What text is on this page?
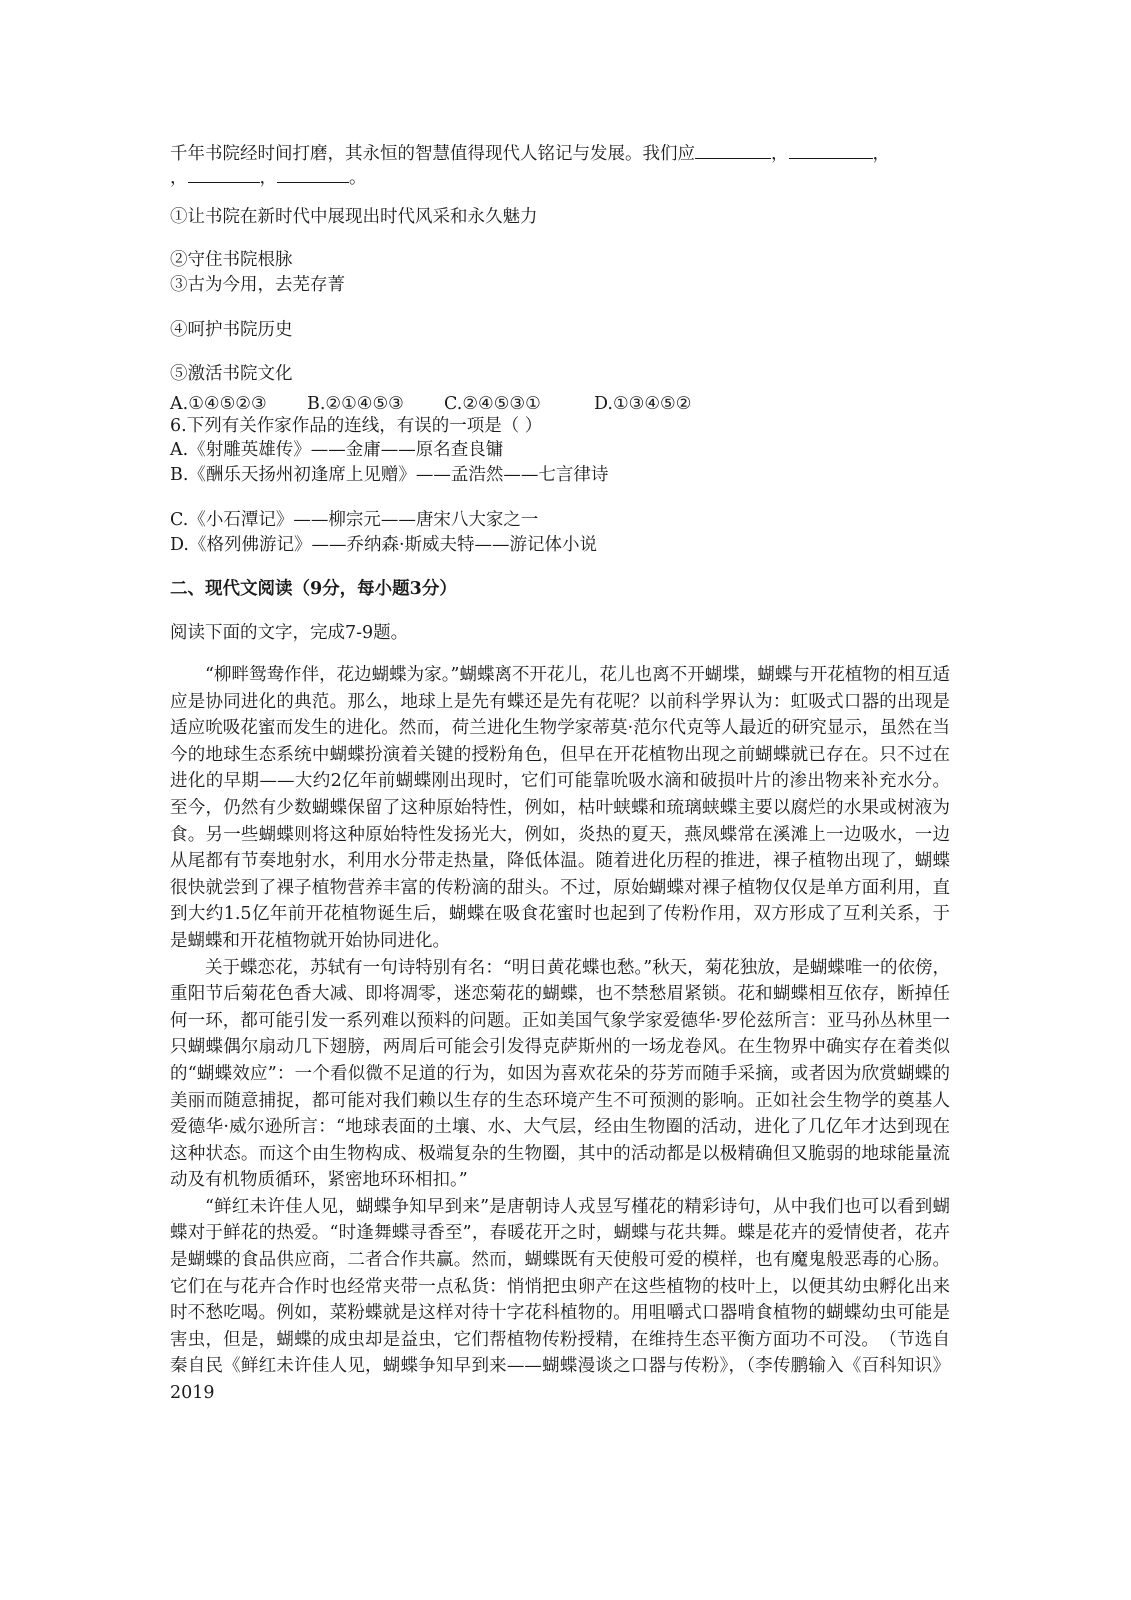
千年书院经时间打磨，其永恒的智慧值得现代人铭记与发展。我们应	，	，
，	，	。
①让书院在新时代中展现出时代风采和永久魅力
②守住书院根脉
③古为今用，去芜存菁
④呵护书院历史
⑤激活书院文化
A.①④⑤②③ B.②①④⑤③ C.②④⑤③①	D.①③④⑤②
6.下列有关作家作品的连线，有误的一项是（ ）
A.《射雕英雄传》——金庸——原名查良镛
B.《酬乐天扬州初逢席上见赠》——孟浩然——七言律诗
C.《小石潭记》——柳宗元——唐宋八大家之一
D.《格列佛游记》——乔纳森·斯威夫特——游记体小说
二、现代文阅读（9分，每小题3分）
阅读下面的文字，完成7-9题。

“柳畔鸳鸯作伴，花边蝴蝶为家。”蝴蝶离不开花儿，花儿也离不开蝴堞，蝴蝶与开花植物的相互适应是协同进化的典范。那么，地球上是先有蝶还是先有花呢？以前科学界认为：虹吸式口器的出现是适应吮吸花蜜而发生的进化。然而，荷兰进化生物学家蒂莫·范尔代克等人最近的研究显示，虽然在当今的地球生态系统中蝴蝶扮演着关键的授粉角色，但早在开花植物出现之前蝴蝶就已存在。只不过在进化的早期——大约2亿年前蝴蝶刚出现时，它们可能靠吮吸水滴和破损叶片的渗出物来补充水分。至今，仍然有少数蝴蝶保留了这种原始特性，例如，枯叶蛱蝶和琉璃蛱蝶主要以腐烂的水果或树液为食。另一些蝴蝶则将这种原始特性发扬光大，例如，炎热的夏天，燕凤蝶常在溪滩上一边吸水，一边从尾都有节奏地射水，利用水分带走热量，降低体温。随着进化历程的推进，裸子植物出现了，蝴蝶很快就尝到了裸子植物营养丰富的传粉滴的甜头。不过，原始蝴蝶对裸子植物仅仅是单方面利用，直到大约1.5亿年前开花植物诞生后，蝴蝶在吸食花蜜时也起到了传粉作用，双方形成了互利关系，于是蝴蝶和开花植物就开始协同进化。

关于蝶恋花，苏轼有一句诗特别有名：“明日黄花蝶也愁。”秋天，菊花独放，是蝴蝶唯一的依傍，重阳节后菊花色香大减、即将凋零，迷恋菊花的蝴蝶，也不禁愁眉紧锁。花和蝴蝶相互依存，断掉任何一环，都可能引发一系列难以预料的问题。正如美国气象学家爱德华·罗伦兹所言：亚马孙丛林里一只蝴蝶偶尔扇动几下翅膀，两周后可能会引发得克萨斯州的一场龙卷风。在生物界中确实存在着类似的“蝴蝶效应”：一个看似微不足道的行为，如因为喜欢花朵的芬芳而随手采摘，或者因为欣赏蝴蝶的美丽而随意捕捉，都可能对我们赖以生存的生态环境产生不可预测的影响。正如社会生物学的奠基人爱德华·威尔逊所言：“地球表面的土壤、水、大气层，经由生物圈的活动，进化了几亿年才达到现在这种状态。而这个由生物构成、极端复杂的生物圈，其中的活动都是以极精确但又脆弱的地球能量流动及有机物质循环，紧密地环环相扣。”

“鲜红未许佳人见，蝴蝶争知早到来”是唐朝诗人戎昱写槿花的精彩诗句，从中我们也可以看到蝴蝶对于鲜花的热爱。“时逢舞蝶寻香至”，春暖花开之时，蝴蝶与花共舞。蝶是花卉的爱情使者，花卉是蝴蝶的食品供应商，二者合作共赢。然而，蝴蝶既有天使般可爱的模样，也有魔鬼般恶毒的心肠。它们在与花卉合作时也经常夹带一点私货：悄悄把虫卵产在这些植物的枝叶上，以便其幼虫孵化出来时不愁吃喝。例如，菜粉蝶就是这样对待十字花科植物的。用咀嚼式口器啃食植物的蝴蝶幼虫可能是害虫，但是，蝴蝶的成虫却是益虫，它们帮植物传粉授精，在维持生态平衡方面功不可没。　（节选自秦自民《鲜红未许佳人见，蝴蝶争知早到来——蝴蝶漫谈之口器与传粉》，（李传鹏输入《百科知识》2019
